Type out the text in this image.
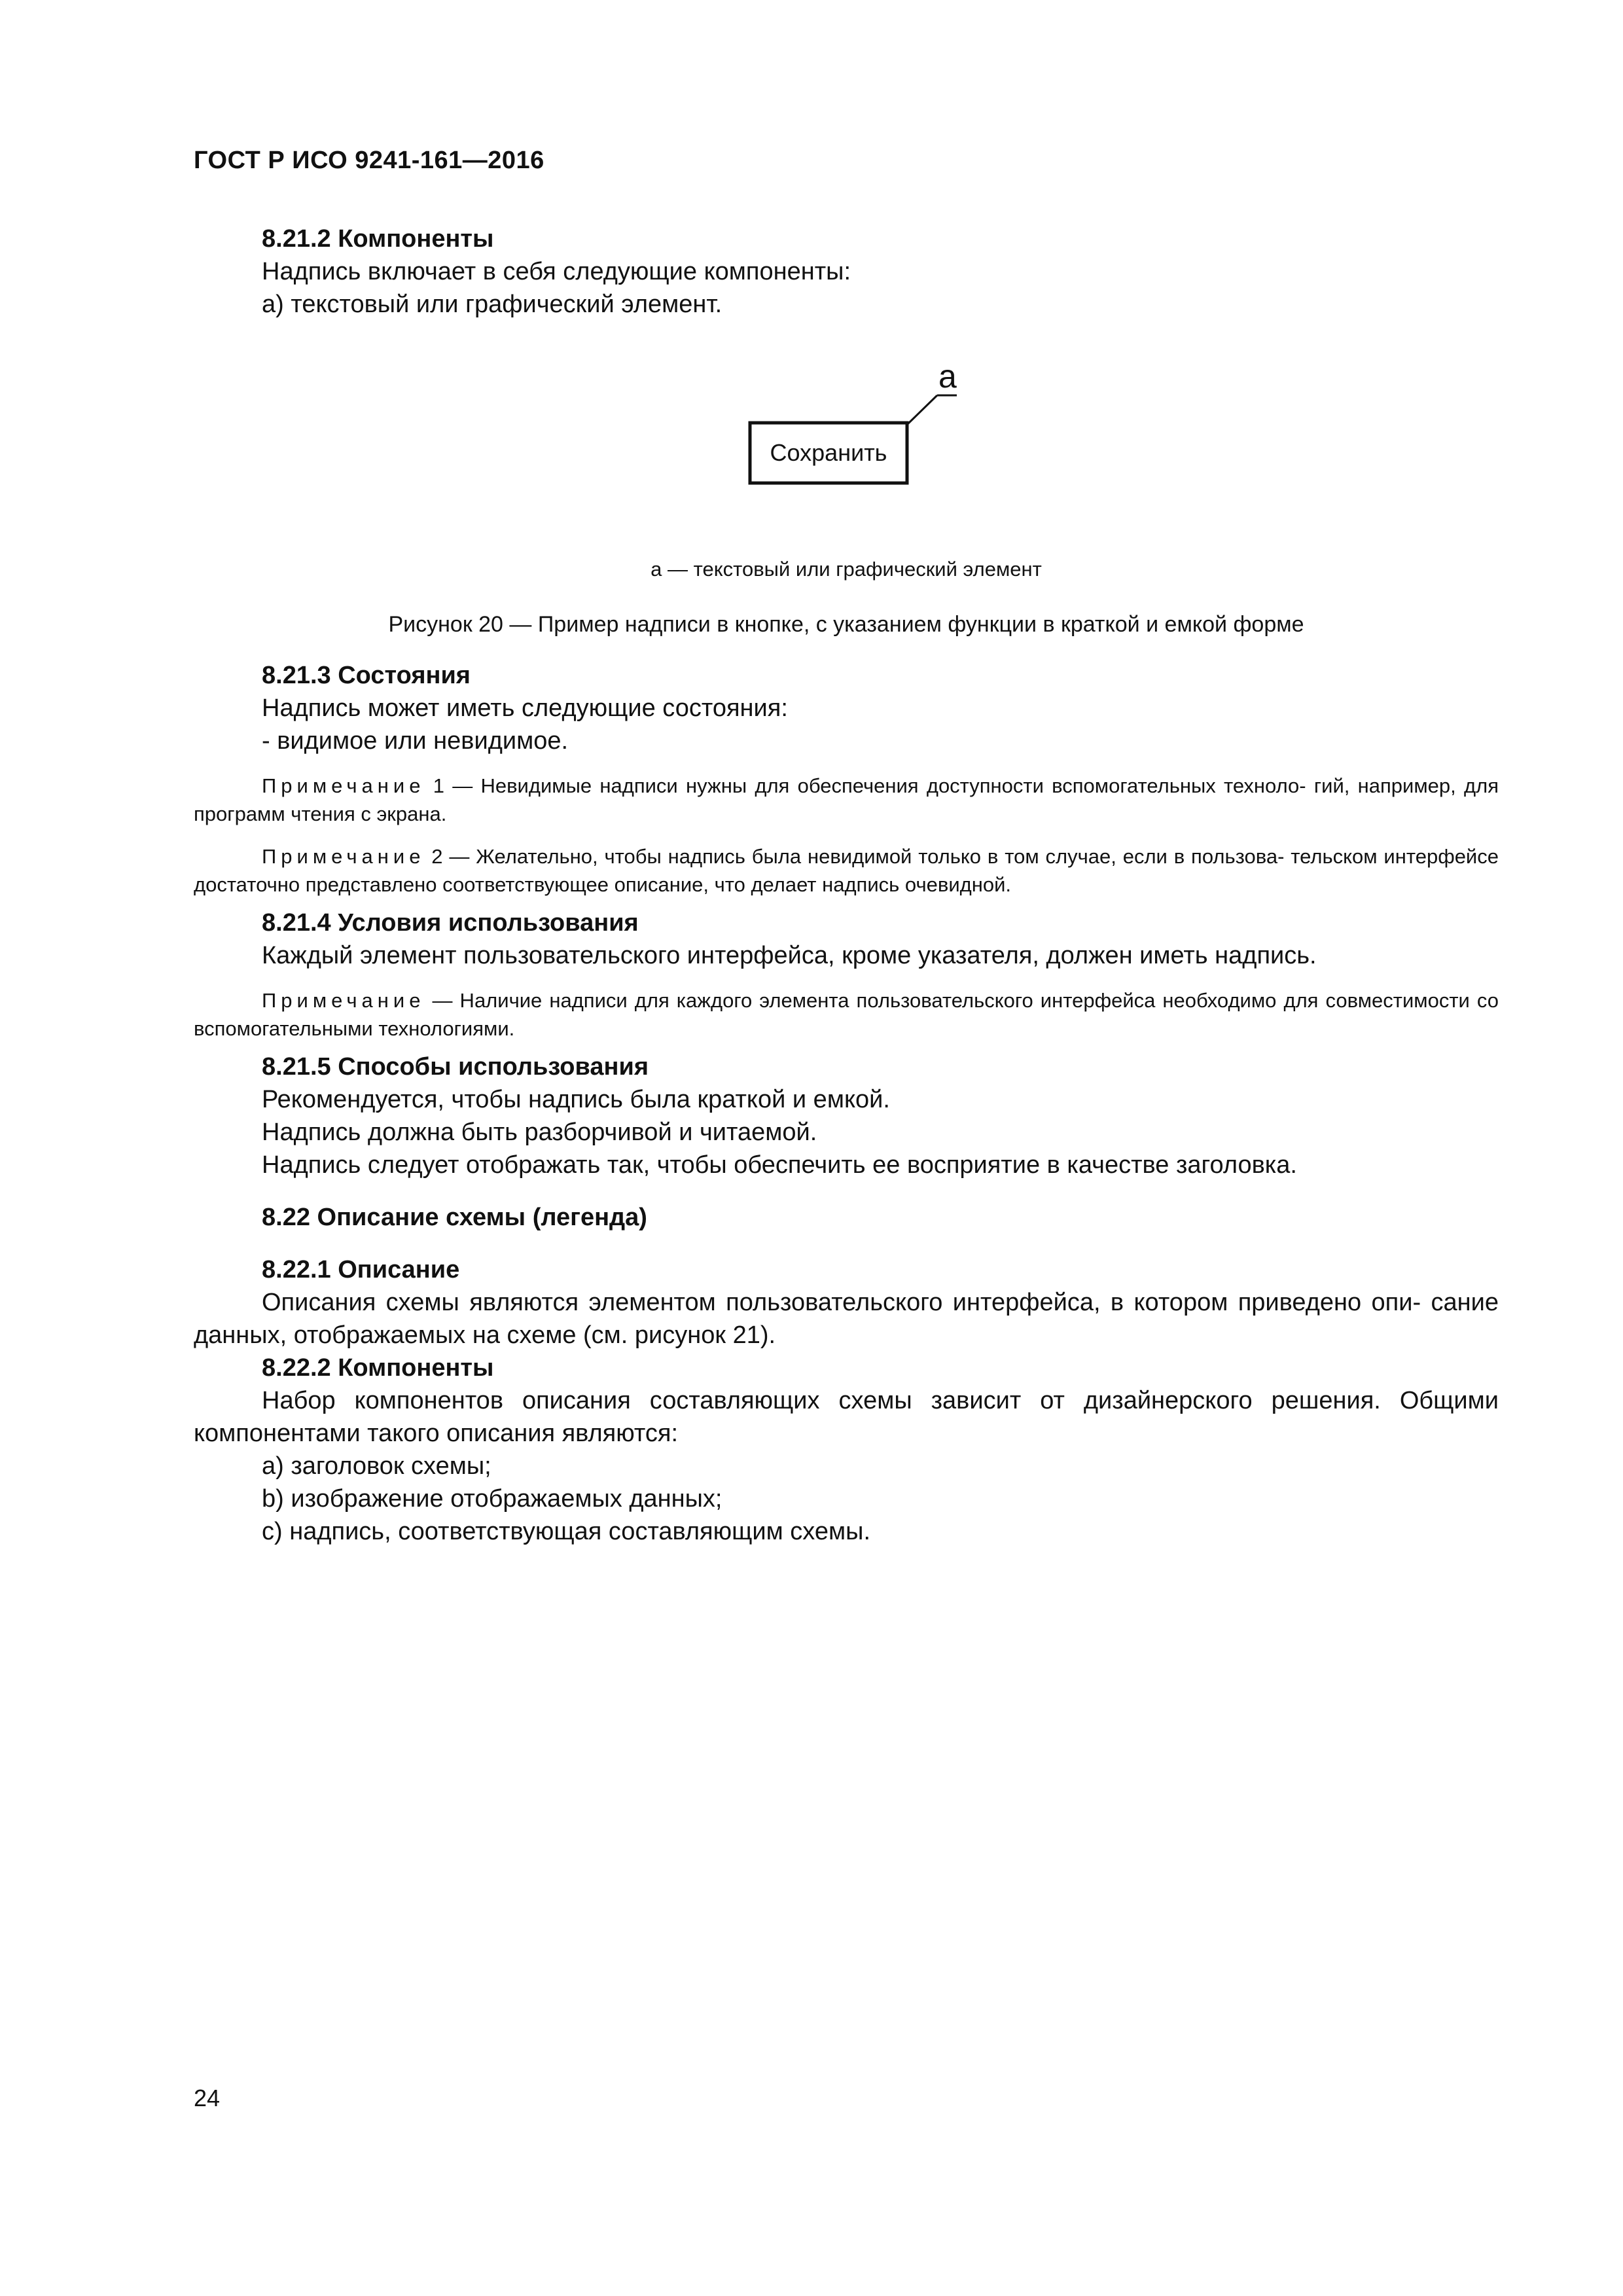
ГОСТ Р ИСО 9241-161—2016
8.21.2 Компоненты

Надпись включает в себя следующие компоненты:

а) текстовый или графический элемент.

а
Сохранить
а — текстовый или графический элемент
Рисунок 20 — Пример надписи в кнопке, с указанием функции в краткой и емкой форме
8.21.3 Состояния

Надпись может иметь следующие состояния:

- видимое или невидимое.

Примечание 1 — Невидимые надписи нужны для обеспечения доступности вспомогательных техноло- гий, например, для программ чтения с экрана.

Примечание 2 — Желательно, чтобы надпись была невидимой только в том случае, если в пользова- тельском интерфейсе достаточно представлено соответствующее описание, что делает надпись очевидной.

8.21.4 Условия использования

Каждый элемент пользовательского интерфейса, кроме указателя, должен иметь надпись.

Примечание — Наличие надписи для каждого элемента пользовательского интерфейса необходимо для совместимости со вспомогательными технологиями.

8.21.5 Способы использования

Рекомендуется, чтобы надпись была краткой и емкой.

Надпись должна быть разборчивой и читаемой.

Надпись следует отображать так, чтобы обеспечить ее восприятие в качестве заголовка.

8.22 Описание схемы (легенда)
8.22.1 Описание

Описания схемы являются элементом пользовательского интерфейса, в котором приведено опи- сание данных, отображаемых на схеме (см. рисунок 21).

8.22.2 Компоненты

Набор компонентов описания составляющих схемы зависит от дизайнерского решения. Общими компонентами такого описания являются:

а) заголовок схемы;

b) изображение отображаемых данных;

с) надпись, соответствующая составляющим схемы.

24
